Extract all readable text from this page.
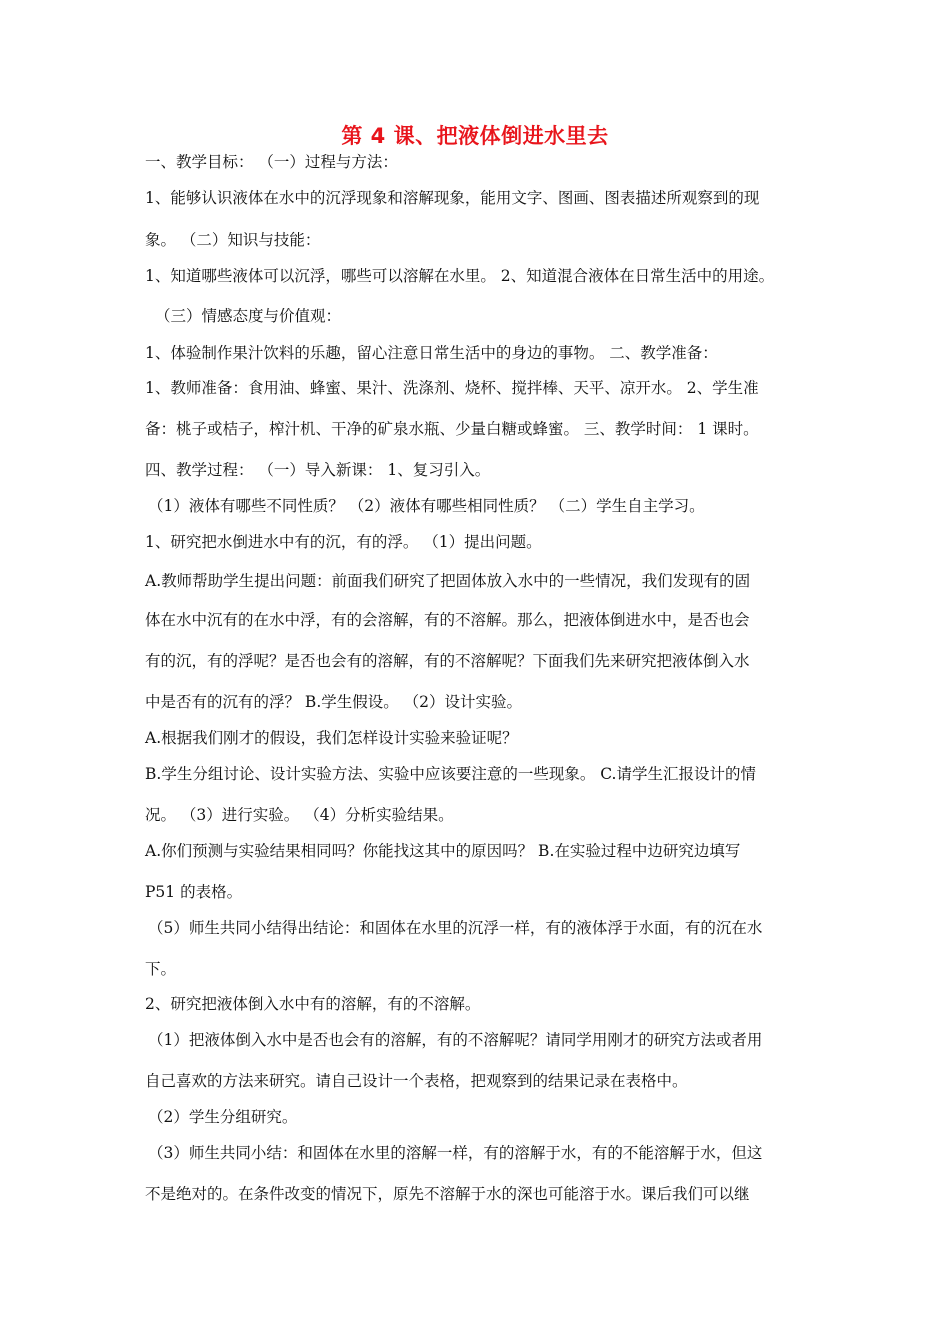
第 4 课、把液体倒进水里去
一、教学目标： （一）过程与方法：
1、能够认识液体在水中的沉浮现象和溶解现象，能用文字、图画、图表描述所观察到的现
象。 （二）知识与技能：
1、知道哪些液体可以沉浮，哪些可以溶解在水里。 2、知道混合液体在日常生活中的用途。
（三）情感态度与价值观：
1、体验制作果汁饮料的乐趣，留心注意日常生活中的身边的事物。 二、教学准备：
1、教师准备：食用油、蜂蜜、果汁、洗涤剂、烧杯、搅拌棒、天平、凉开水。 2、学生准
备：桃子或桔子，榨汁机、干净的矿泉水瓶、少量白糖或蜂蜜。 三、教学时间： 1 课时。
四、教学过程： （一）导入新课： 1、复习引入。
（1）液体有哪些不同性质？ （2）液体有哪些相同性质？ （二）学生自主学习。
1、研究把水倒进水中有的沉，有的浮。 （1）提出问题。
A.教师帮助学生提出问题：前面我们研究了把固体放入水中的一些情况，我们发现有的固
体在水中沉有的在水中浮，有的会溶解，有的不溶解。那么，把液体倒进水中，是否也会
有的沉，有的浮呢？是否也会有的溶解，有的不溶解呢？下面我们先来研究把液体倒入水
中是否有的沉有的浮？ B.学生假设。 （2）设计实验。
A.根据我们刚才的假设，我们怎样设计实验来验证呢？
B.学生分组讨论、设计实验方法、实验中应该要注意的一些现象。 C.请学生汇报设计的情
况。 （3）进行实验。 （4）分析实验结果。
A.你们预测与实验结果相同吗？你能找这其中的原因吗？ B.在实验过程中边研究边填写
P51 的表格。
（5）师生共同小结得出结论：和固体在水里的沉浮一样，有的液体浮于水面，有的沉在水
下。
2、研究把液体倒入水中有的溶解，有的不溶解。
（1）把液体倒入水中是否也会有的溶解，有的不溶解呢？请同学用刚才的研究方法或者用
自己喜欢的方法来研究。请自己设计一个表格，把观察到的结果记录在表格中。
（2）学生分组研究。
（3）师生共同小结：和固体在水里的溶解一样，有的溶解于水，有的不能溶解于水，但这
不是绝对的。在条件改变的情况下，原先不溶解于水的深也可能溶于水。课后我们可以继
